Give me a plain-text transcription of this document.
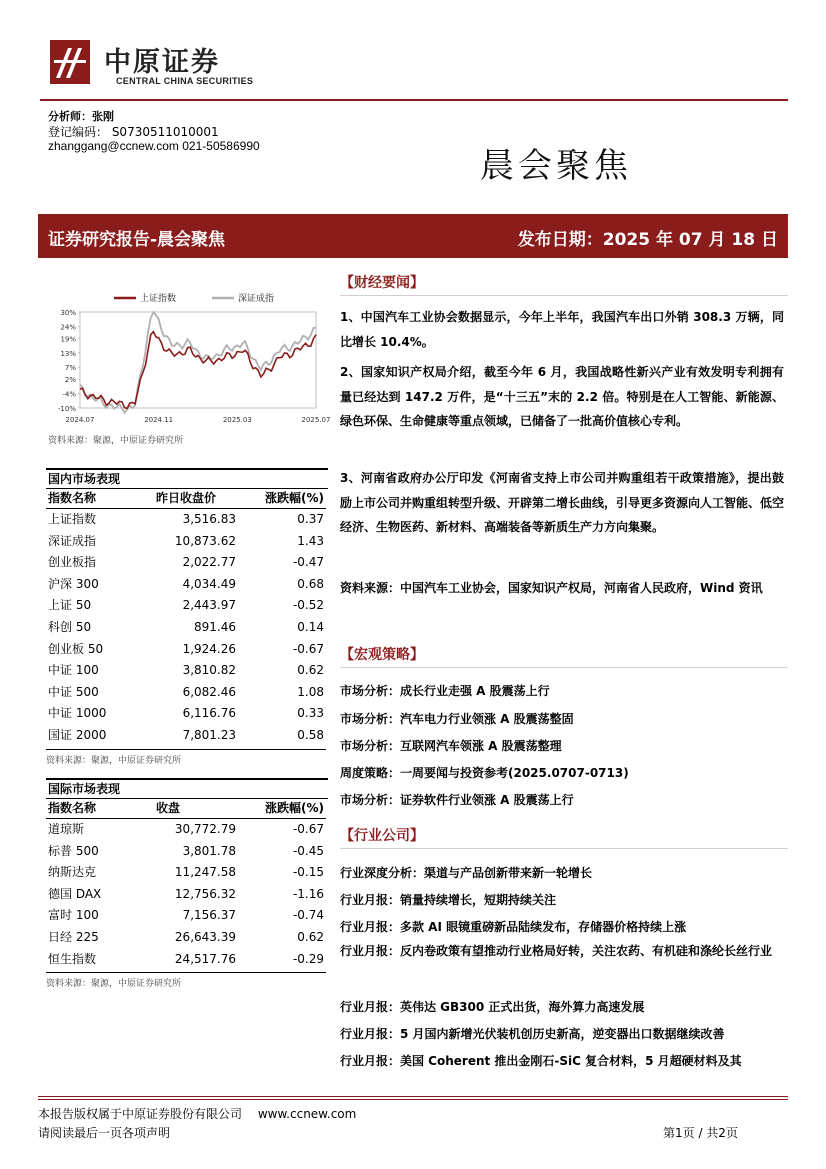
中原证券
CENTRAL CHINA SECURITIES
分析师：张刚
登记编码： S0730511010001
zhanggang@ccnew.com 021-50586990	晨会聚焦
证券研究报告-晨会聚焦	发布日期：2025 年 07 月 18 日
30%
24%
19%
13%
7%
2%
-4%
-10%
2024.07	2024.11	2025.03	2025.07
上证指数	深证成指
资料来源：聚源，中原证券研究所
国内市场表现
指数名称	昨日收盘价	涨跌幅(%)
上证指数	3,516.83	0.37
深证成指	10,873.62	1.43
创业板指	2,022.77	-0.47
沪深 300	4,034.49	0.68
上证 50	2,443.97	-0.52
科创 50	891.46	0.14
创业板 50	1,924.26	-0.67
中证 100	3,810.82	0.62
中证 500	6,082.46	1.08
中证 1000	6,116.76	0.33
国证 2000	7,801.23	0.58
资料来源：聚源，中原证券研究所
国际市场表现
指数名称	收盘	涨跌幅(%)
道琼斯	30,772.79	-0.67
标普 500	3,801.78	-0.45
纳斯达克	11,247.58	-0.15
德国 DAX	12,756.32	-1.16
富时 100	7,156.37	-0.74
日经 225	26,643.39	0.62
恒生指数	24,517.76	-0.29
资料来源：聚源，中原证券研究所
【财经要闻】
1、中国汽车工业协会数据显示，今年上半年，我国汽车出口外销 308.3 万辆，同比增长 10.4%。
2、国家知识产权局介绍，截至今年 6 月，我国战略性新兴产业有效发明专利拥有量已经达到 147.2 万件，是“十三五”末的 2.2 倍。特别是在人工智能、新能源、绿色环保、生命健康等重点领域，已储备了一批高价值核心专利。
3、河南省政府办公厅印发《河南省支持上市公司并购重组若干政策措施》，提出鼓励上市公司并购重组转型升级、开辟第二增长曲线，引导更多资源向人工智能、低空经济、生物医药、新材料、高端装备等新质生产力方向集聚。
资料来源：中国汽车工业协会，国家知识产权局，河南省人民政府，Wind 资讯
【宏观策略】
市场分析：成长行业走强 A 股震荡上行
市场分析：汽车电力行业领涨 A 股震荡整固
市场分析：互联网汽车领涨 A 股震荡整理
周度策略：一周要闻与投资参考(2025.0707-0713)
市场分析：证券软件行业领涨 A 股震荡上行
【行业公司】
行业深度分析：渠道与产品创新带来新一轮增长
行业月报：销量持续增长，短期持续关注
行业月报：多款 AI 眼镜重磅新品陆续发布，存储器价格持续上涨
行业月报：反内卷政策有望推动行业格局好转，关注农药、有机硅和涤纶长丝行业
行业月报：英伟达 GB300 正式出货，海外算力高速发展
行业月报：5 月国内新增光伏装机创历史新高，逆变器出口数据继续改善
行业月报：美国 Coherent 推出金刚石-SiC 复合材料，5 月超硬材料及其
本报告版权属于中原证券股份有限公司 www.ccnew.com
请阅读最后一页各项声明	第1页 / 共2页
